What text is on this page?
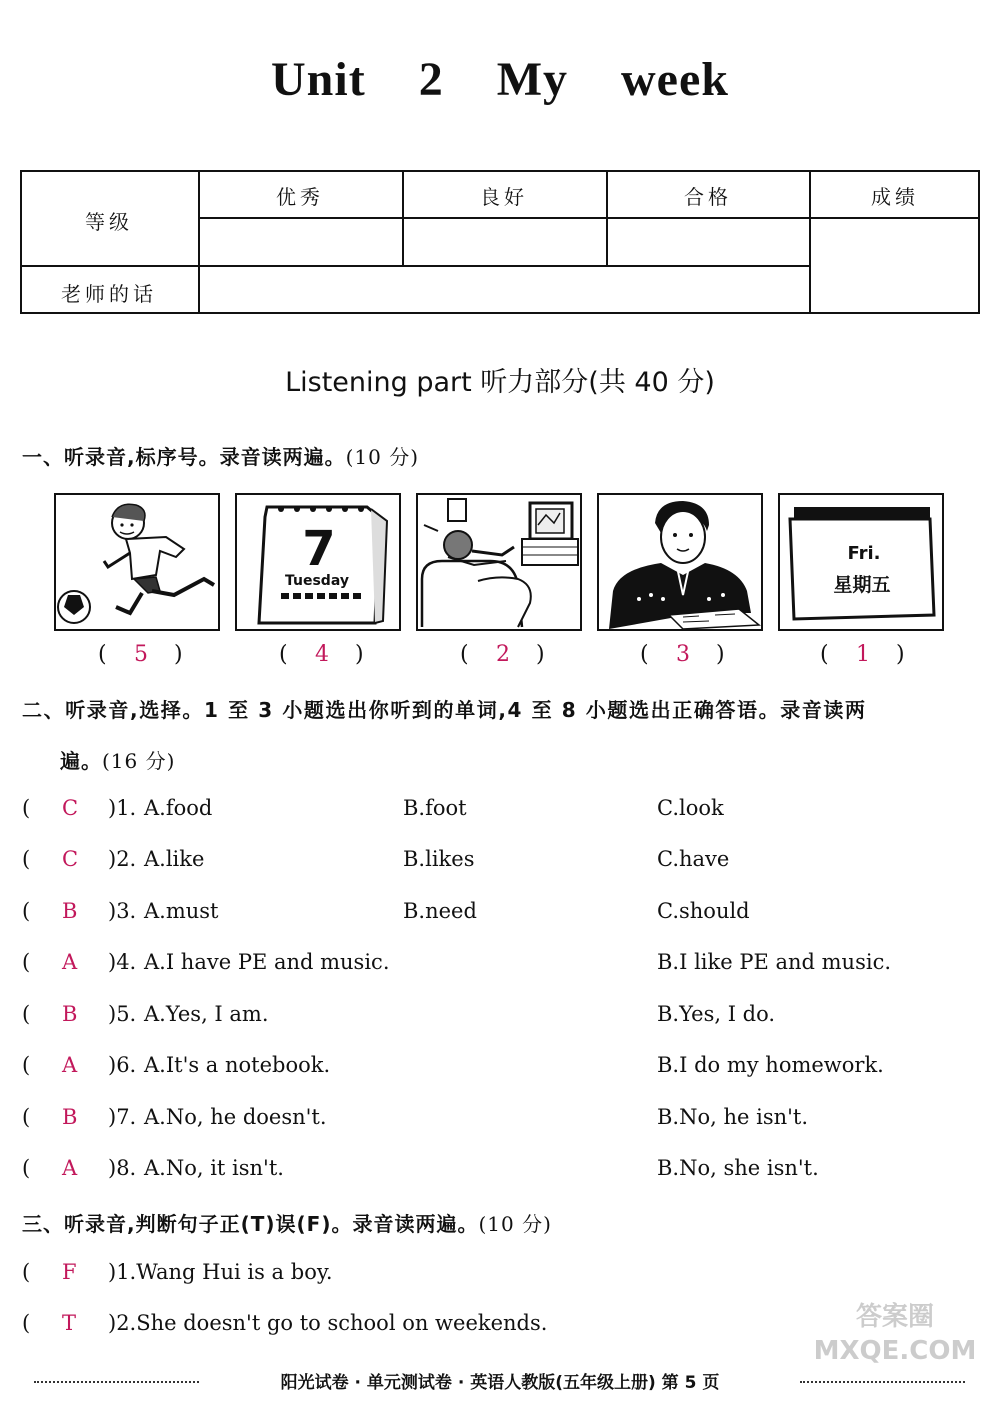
Unit 2 My week
等级
优秀	良好	合格	成绩
老师的话
Listening part 听力部分(共 40 分)
一、听录音,标序号。录音读两遍。(10 分)
7
Tuesday
Fri.
星期五
( 5 )	( 4 )	( 2 )	( 3 )	( 1 )
二、听录音,选择。1 至 3 小题选出你听到的单词,4 至 8 小题选出正确答语。录音读两
遍。(16 分)
( C )1. A.food	B.foot	C.look
( C )2. A.like	B.likes	C.have
( B )3. A.must	B.need	C.should
( A )4. A.I have PE and music.	B.I like PE and music.
( B )5. A.Yes, I am.	B.Yes, I do.
( A )6. A.It's a notebook.	B.I do my homework.
( B )7. A.No, he doesn't.	B.No, he isn't.
( A )8. A.No, it isn't.	B.No, she isn't.
三、听录音,判断句子正(T)误(F)。录音读两遍。(10 分)
( F )1.Wang Hui is a boy.
( T )2.She doesn't go to school on weekends.	答案圈 MXQE.COM
阳光试卷 · 单元测试卷 · 英语人教版(五年级上册) 第 5 页
